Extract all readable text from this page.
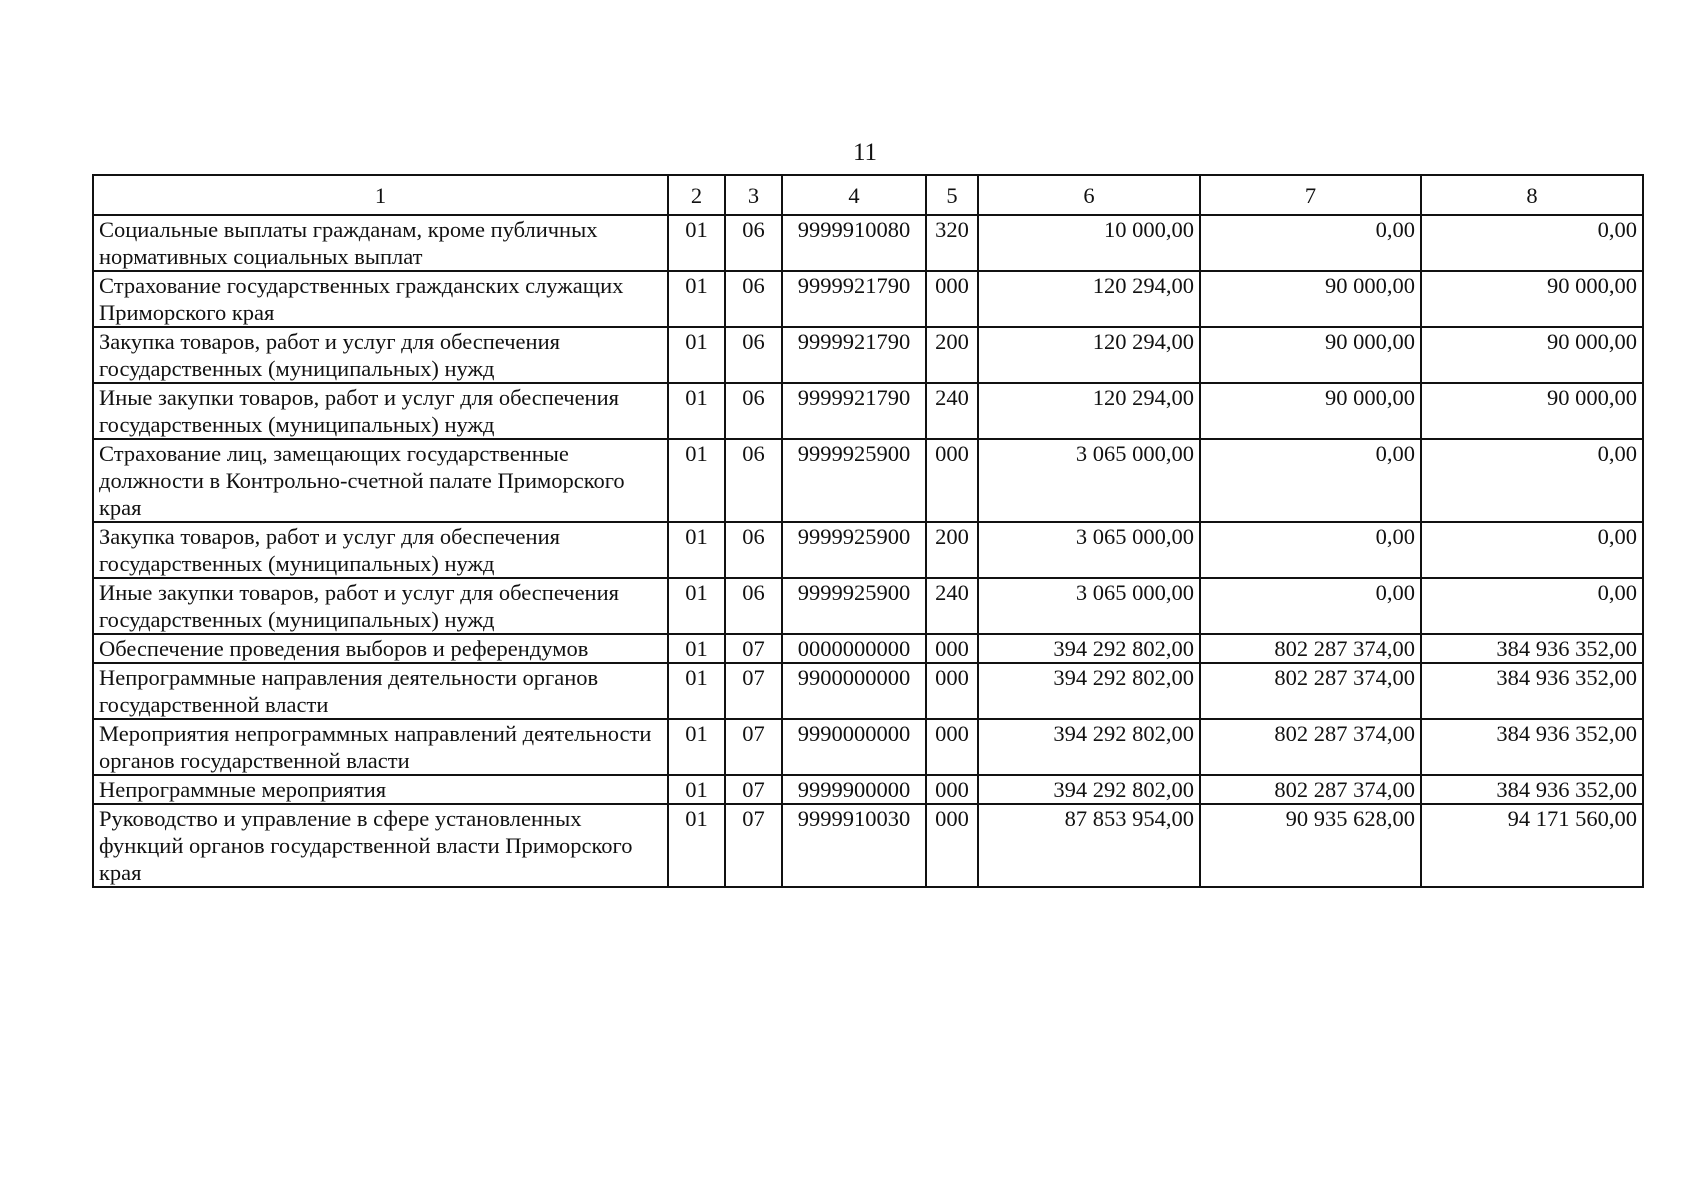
11
1	2	3	4	5	6	7	8
Социальные выплаты гражданам, кроме публичных нормативных социальных выплат	01	06	9999910080	320	10 000,00	0,00	0,00
Страхование государственных гражданских служащих Приморского края	01	06	9999921790	000	120 294,00	90 000,00	90 000,00
Закупка товаров, работ и услуг для обеспечения государственных (муниципальных) нужд	01	06	9999921790	200	120 294,00	90 000,00	90 000,00
Иные закупки товаров, работ и услуг для обеспечения государственных (муниципальных) нужд	01	06	9999921790	240	120 294,00	90 000,00	90 000,00
Страхование лиц, замещающих государственные должности в Контрольно-счетной палате Приморского края	01	06	9999925900	000	3 065 000,00	0,00	0,00
Закупка товаров, работ и услуг для обеспечения государственных (муниципальных) нужд	01	06	9999925900	200	3 065 000,00	0,00	0,00
Иные закупки товаров, работ и услуг для обеспечения государственных (муниципальных) нужд	01	06	9999925900	240	3 065 000,00	0,00	0,00
Обеспечение проведения выборов и референдумов	01	07	0000000000	000	394 292 802,00	802 287 374,00	384 936 352,00
Непрограммные направления деятельности органов государственной власти	01	07	9900000000	000	394 292 802,00	802 287 374,00	384 936 352,00
Мероприятия непрограммных направлений деятельности органов государственной власти	01	07	9990000000	000	394 292 802,00	802 287 374,00	384 936 352,00
Непрограммные мероприятия	01	07	9999900000	000	394 292 802,00	802 287 374,00	384 936 352,00
Руководство и управление в сфере установленных функций органов государственной власти Приморского края	01	07	9999910030	000	87 853 954,00	90 935 628,00	94 171 560,00
